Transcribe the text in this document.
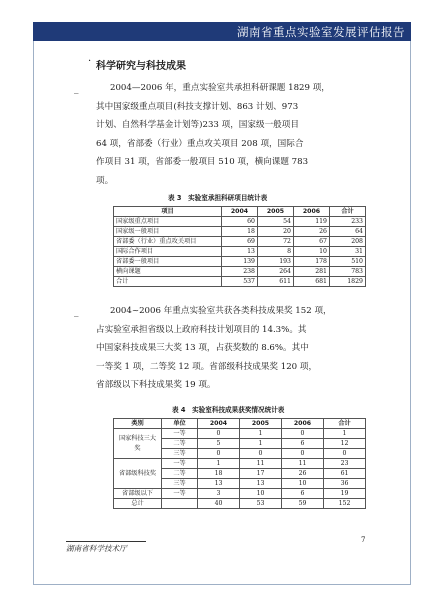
湖南省重点实验室发展评估报告
· 科学研究与科技成果
_	2004—2006 年，重点实验室共承担科研课题 1829 项，
其中国家级重点项目(科技支撑计划、863 计划、973
计划、自然科学基金计划等)233 项，国家级一般项目
64 项，省部委（行业）重点攻关项目 208 项，国际合
作项目 31 项，省部委一般项目 510 项，横向课题 783
项。
表 3　实验室承担科研项目统计表
项目	2004	2005	2006	合计
国家级重点项目	60	54	119	233
国家级一般项目	18	20	26	64
省部委（行业）重点攻关项目	69	72	67	208
国际合作项目	13	8	10	31
省部委一般项目	139	193	178	510
横向课题	238	264	281	783
合计	537	611	681	1829
_	2004~2006 年重点实验室共获各类科技成果奖 152 项，
占实验室承担省级以上政府科技计划项目的 14.3%。其
中国家科技成果三大奖 13 项，占获奖数的 8.6%。其中
一等奖 1 项，二等奖 12 项。省部级科技成果奖 120 项，
省部级以下科技成果奖 19 项。
表 4　实验室科技成果获奖情况统计表
类别	单位	2004	2005	2006	合计
国家科技三大奖	一等	0	1	0	1
	二等	5	1	6	12
	三等	0	0	0	0
省部级科技奖	一等	1	11	11	23
	二等	18	17	26	61
	三等	13	13	10	36
省部级以下	一等	3	10	6	19
总计		40	53	59	152
7
湖南省科学技术厅
